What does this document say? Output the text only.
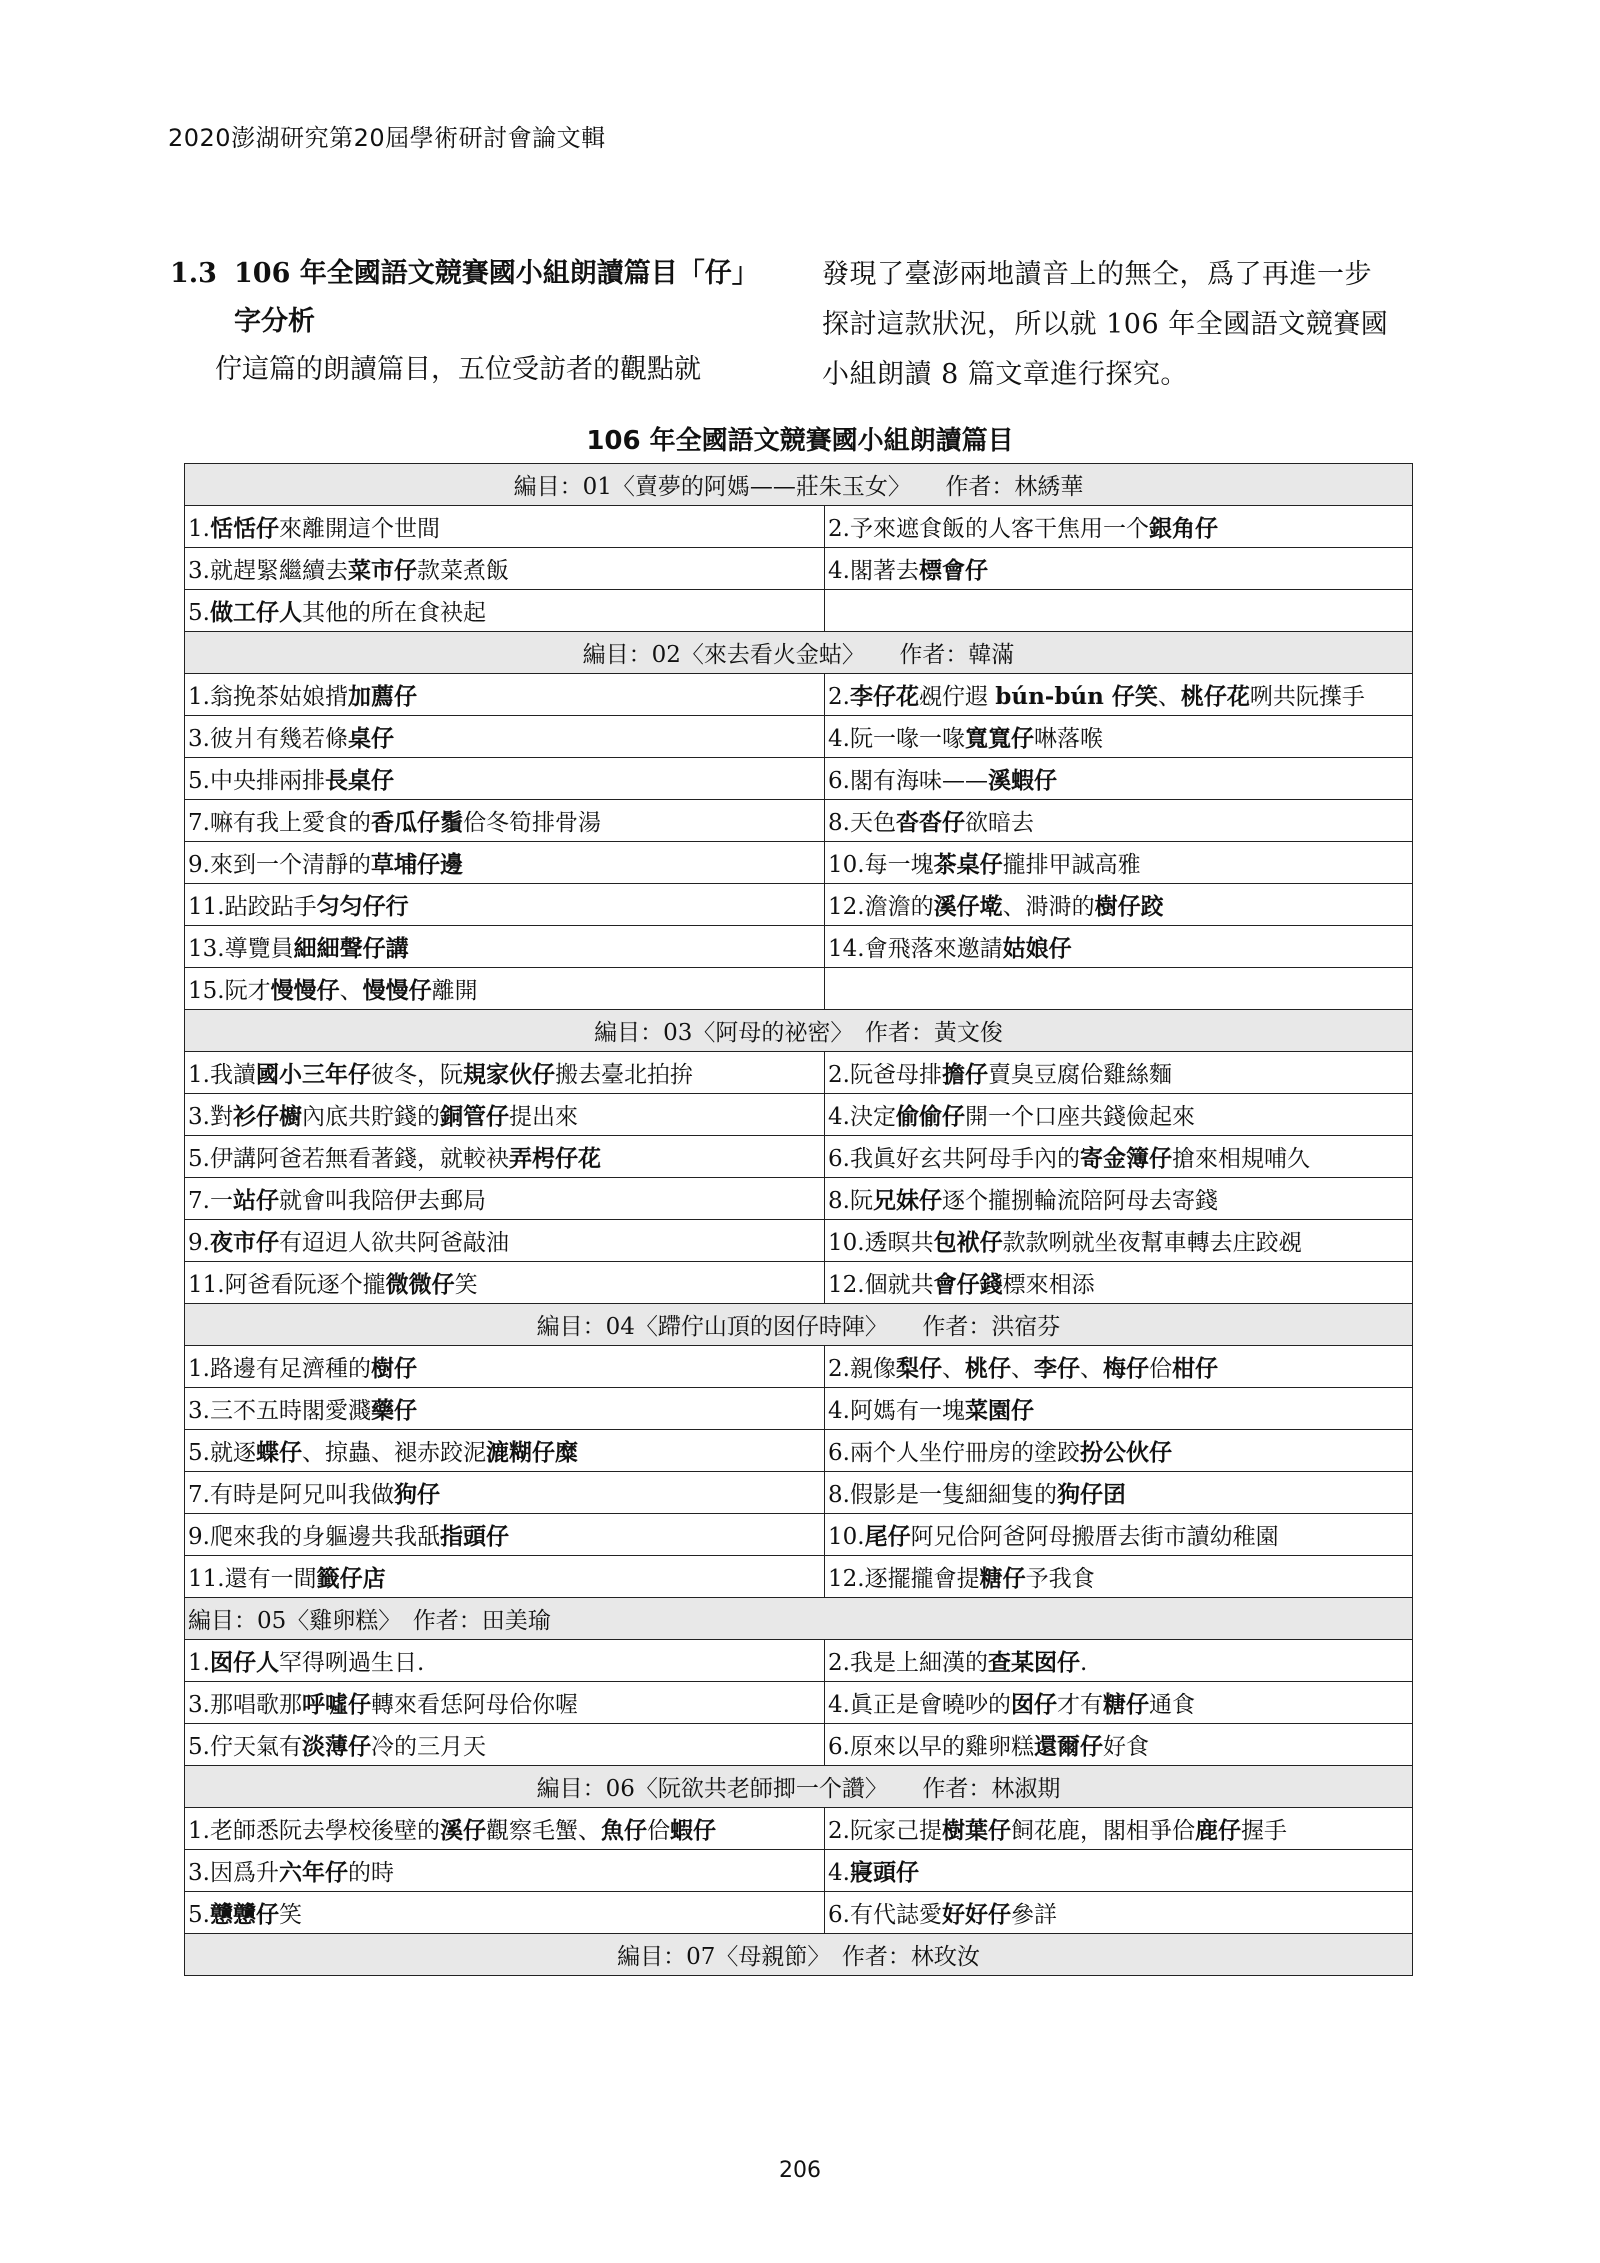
2020澎湖研究第20屆學術研討會論文輯
1.3 106 年全國語文競賽國小組朗讀篇目「仔」
字分析
佇這篇的朗讀篇目，五位受訪者的觀點就
發現了臺澎兩地讀音上的無仝，爲了再進一步
探討這款狀況，所以就 106 年全國語文競賽國
小組朗讀 8 篇文章進行探究。
106 年全國語文競賽國小組朗讀篇目
編目：01〈賣夢的阿媽——莊朱玉女〉　　作者：林綉華	
1.恬恬仔來離開這个世間	2.予來遮食飯的人客干焦用一个銀角仔
3.就趕緊繼續去菜市仔款菜煮飯	4.閣著去標會仔
5.做工仔人其他的所在食袂起	
編目：02〈來去看火金蛄〉　　作者：韓滿	
1.翁挽茶姑娘揹加薦仔	2.李仔花覕佇遐 bún-bún 仔笑、桃仔花咧共阮擛手
3.彼爿有幾若條桌仔	4.阮一喙一喙寬寬仔啉落喉
5.中央排兩排長桌仔	6.閣有海味——溪蝦仔
7.嘛有我上愛食的香瓜仔鬚佮冬筍排骨湯	8.天色沓沓仔欲暗去
9.來到一个清靜的草埔仔邊	10.每一塊茶桌仔攏排甲誠高雅
11.跕跤跕手匀匀仔行	12.澹澹的溪仔墘、溡溡的樹仔跤
13.導覽員細細聲仔講	14.會飛落來邀請姑娘仔
15.阮才慢慢仔、慢慢仔離開	
編目：03〈阿母的祕密〉　作者：黃文俊	
1.我讀國小三年仔彼冬，阮規家伙仔搬去臺北拍拚	2.阮爸母排擔仔賣臭豆腐佮雞絲麵
3.對衫仔櫥內底共貯錢的銅管仔提出來	4.決定偷偷仔開一个口座共錢儉起來
5.伊講阿爸若無看著錢，就較袂弄枵仔花	6.我眞好玄共阿母手內的寄金簿仔搶來相規哺久
7.一站仔就會叫我陪伊去郵局	8.阮兄妹仔逐个攏捌輪流陪阿母去寄錢
9.夜市仔有迢迌人欲共阿爸敲油	10.透暝共包袱仔款款咧就坐夜幫車轉去庄跤覕
11.阿爸看阮逐个攏微微仔笑	12.個就共會仔錢標來相添
編目：04〈蹛佇山頂的囡仔時陣〉　　作者：洪宿芬	
1.路邊有足濟種的樹仔	2.親像梨仔、桃仔、李仔、梅仔佮柑仔
3.三不五時閣愛濺藥仔	4.阿媽有一塊菜園仔
5.就逐蝶仔、掠蟲、褪赤跤泥漉糊仔糜	6.兩个人坐佇冊房的塗跤扮公伙仔
7.有時是阿兄叫我做狗仔	8.假影是一隻細細隻的狗仔囝
9.爬來我的身軀邊共我舐指頭仔	10.尾仔阿兄佮阿爸阿母搬厝去街市讀幼稚園
11.還有一間籤仔店	12.逐擺攏會提糖仔予我食
編目：05〈雞卵糕〉　作者：田美瑜	
1.囡仔人罕得咧過生日.	2.我是上細漢的查某囡仔.
3.那唱歌那呼噓仔轉來看恁阿母佮你喔	4.眞正是會曉吵的囡仔才有糖仔通食
5.佇天氣有淡薄仔冷的三月天	6.原來以早的雞卵糕還爾仔好食
編目：06〈阮欲共老師揤一个讚〉　　作者：林淑期	
1.老師悉阮去學校後壁的溪仔觀察毛蟹、魚仔佮蝦仔	2.阮家己提樹葉仔飼花鹿，閣相爭佮鹿仔握手
3.因爲升六年仔的時	4.寢頭仔
5.戇戇仔笑	6.有代誌愛好好仔參詳
編目：07〈母親節〉　作者：林玫汝	
206
